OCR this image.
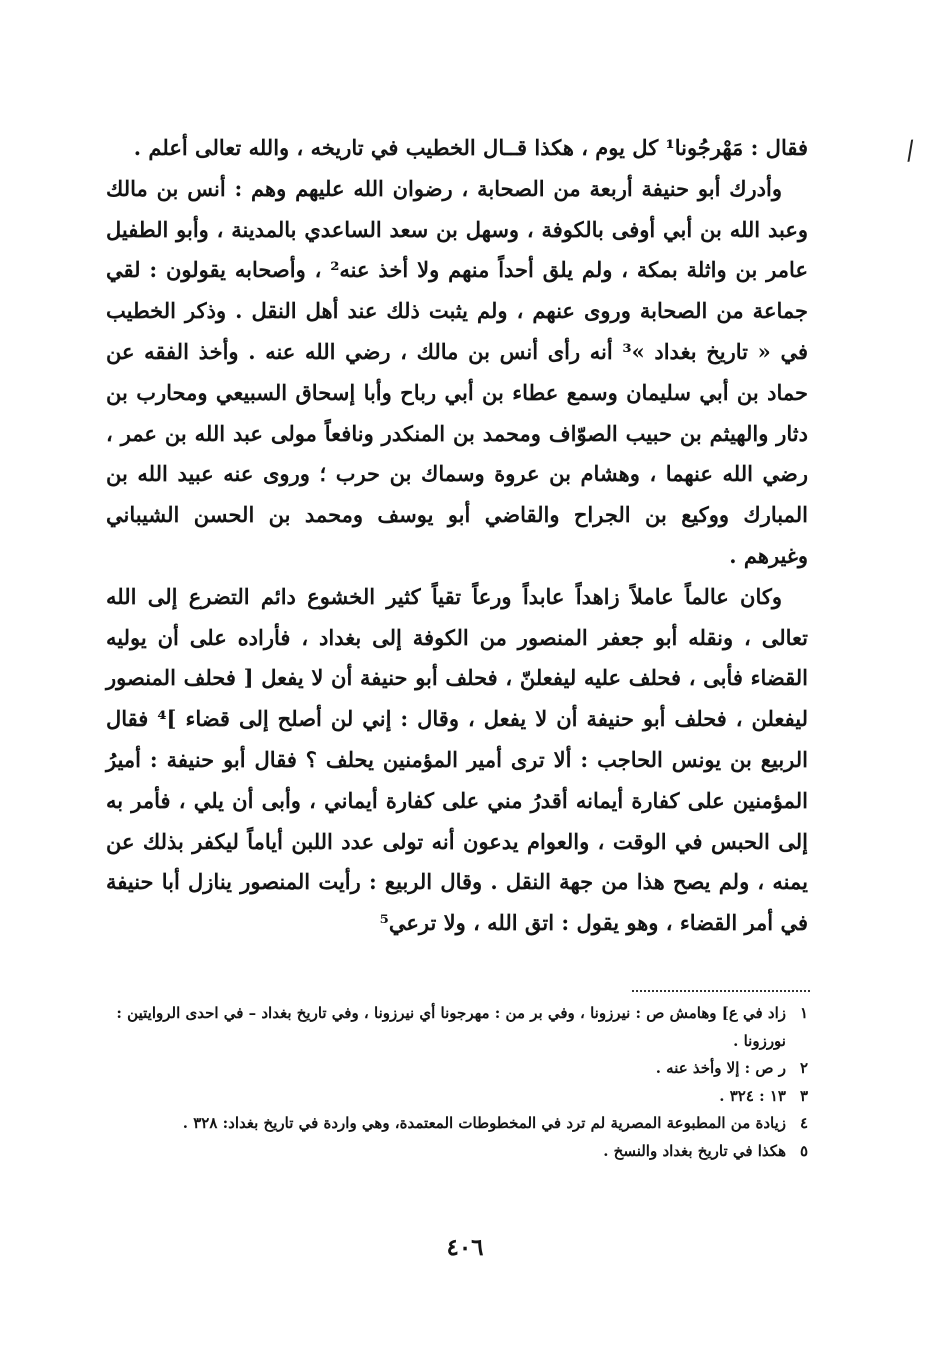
/

فقال : مَهْرجُونا¹ كل يوم ، هكذا قــال الخطيب في تاريخه ، والله تعالى أعلم .

وأدرك أبو حنيفة أربعة من الصحابة ، رضوان الله عليهم وهم : أنس بن مالك وعبد الله بن أبي أوفى بالكوفة ، وسهل بن سعد الساعدي بالمدينة ، وأبو الطفيل عامر بن واثلة بمكة ، ولم يلق أحداً منهم ولا أخذ عنه² ، وأصحابه يقولون : لقي جماعة من الصحابة وروى عنهم ، ولم يثبت ذلك عند أهل النقل . وذكر الخطيب في « تاريخ بغداد »³ أنه رأى أنس بن مالك ، رضي الله عنه . وأخذ الفقه عن حماد بن أبي سليمان وسمع عطاء بن أبي رباح وأبا إسحاق السبيعي ومحارب بن دثار والهيثم بن حبيب الصوّاف ومحمد بن المنكدر ونافعاً مولى عبد الله بن عمر ، رضي الله عنهما ، وهشام بن عروة وسماك بن حرب ؛ وروى عنه عبيد الله بن المبارك ووكيع بن الجراح والقاضي أبو يوسف ومحمد بن الحسن الشيباني وغيرهم .

وكان عالماً عاملاً زاهداً عابداً ورعاً تقياً كثير الخشوع دائم التضرع إلى الله تعالى ، ونقله أبو جعفر المنصور من الكوفة إلى بغداد ، فأراده على أن يوليه القضاء فأبى ، فحلف عليه ليفعلنّ ، فحلف أبو حنيفة أن لا يفعل [ فحلف المنصور ليفعلن ، فحلف أبو حنيفة أن لا يفعل ، وقال : إني لن أصلح إلى قضاء ]⁴ فقال الربيع بن يونس الحاجب : ألا ترى أمير المؤمنين يحلف ؟ فقال أبو حنيفة : أميرُ المؤمنين على كفارة أيمانه أقدرُ مني على كفارة أيماني ، وأبى أن يلي ، فأمر به إلى الحبس في الوقت ، والعوام يدعون أنه تولى عدد اللبن أياماً ليكفر بذلك عن يمنه ، ولم يصح هذا من جهة النقل . وقال الربيع : رأيت المنصور ينازل أبا حنيفة في أمر القضاء ، وهو يقول : اتق الله ، ولا ترعي⁵

١
زاد في ع] وهامش ص : نيرزونا ، وفي بر من : مهرجونا أي نيرزونا ، وفي تاريخ بغداد – في احدى الروايتين : نورزونا .
٢
ر ص : إلا وأخذ عنه .
٣
١٣ : ٣٢٤ .
٤
زيادة من المطبوعة المصرية لم ترد في المخطوطات المعتمدة، وهي واردة في تاريخ بغداد: ٣٢٨ .
٥
هكذا في تاريخ بغداد والنسخ .
٤٠٦
